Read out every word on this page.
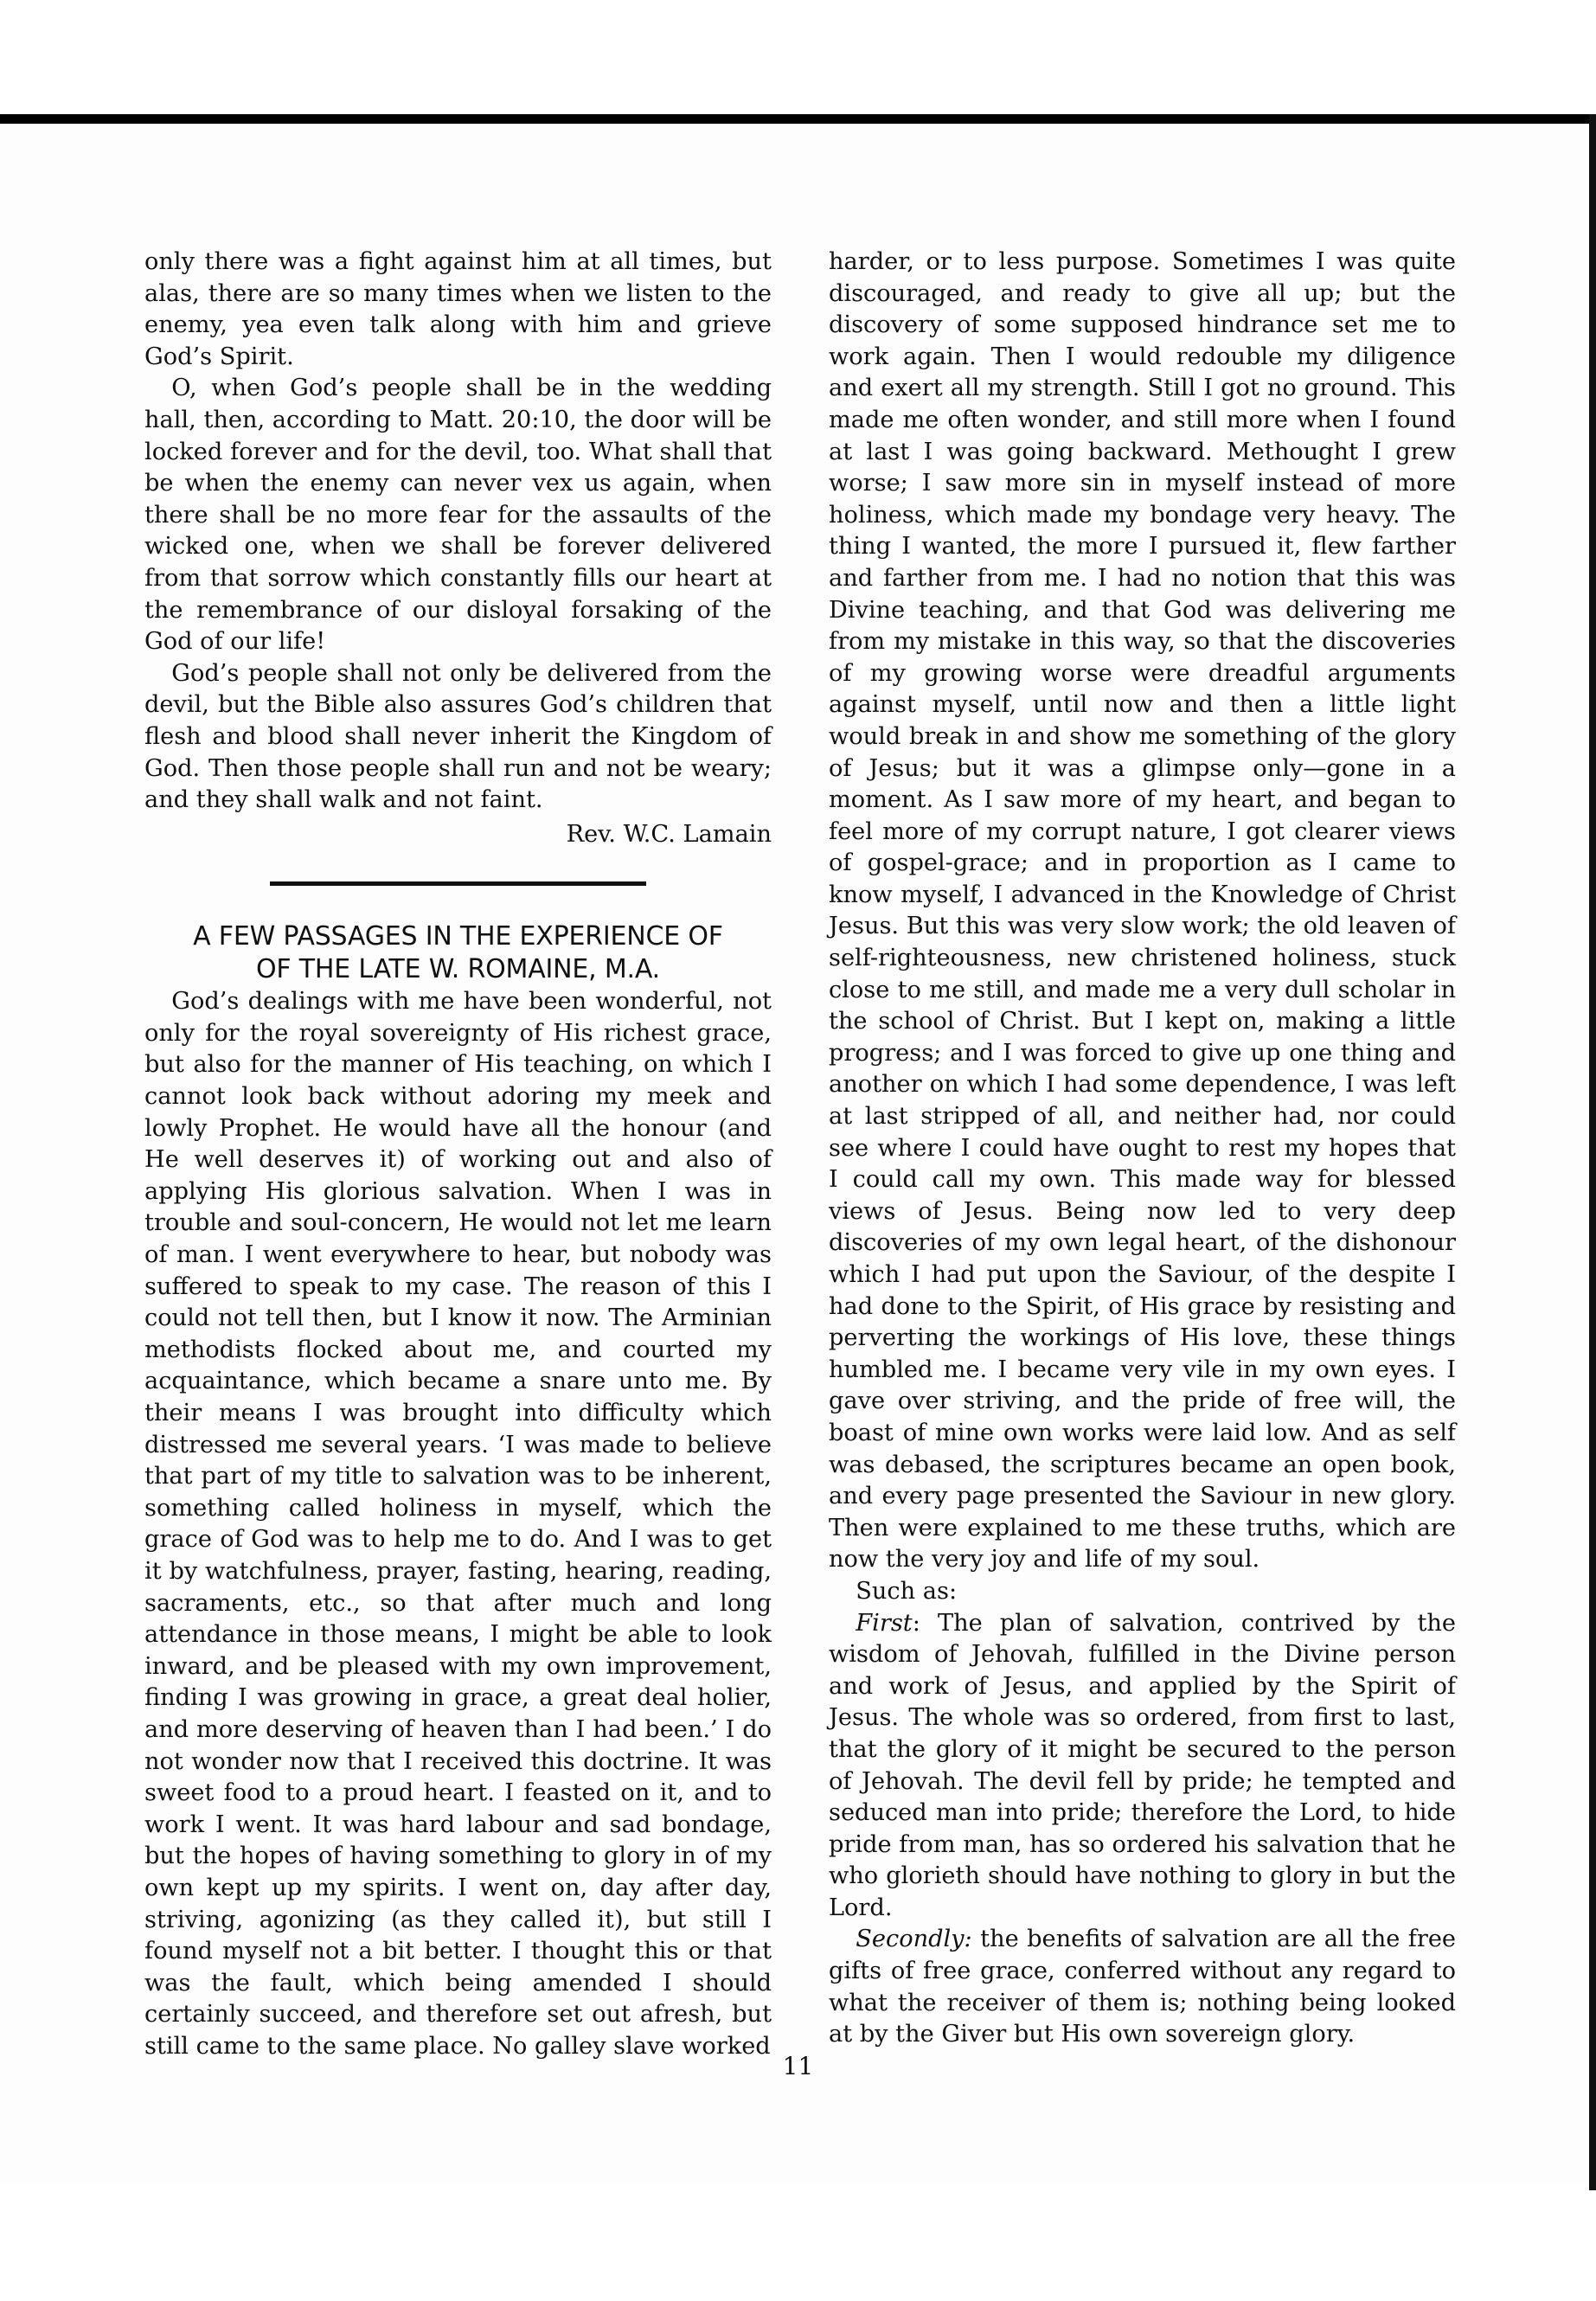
only there was a fight against him at all times, but alas, there are so many times when we listen to the enemy, yea even talk along with him and grieve God’s Spirit.

O, when God’s people shall be in the wedding hall, then, according to Matt. 20:10, the door will be locked forever and for the devil, too. What shall that be when the enemy can never vex us again, when there shall be no more fear for the assaults of the wicked one, when we shall be forever delivered from that sorrow which constantly fills our heart at the remembrance of our disloyal forsaking of the God of our life!

God’s people shall not only be delivered from the devil, but the Bible also assures God’s children that flesh and blood shall never inherit the Kingdom of God. Then those people shall run and not be weary; and they shall walk and not faint.

Rev. W.C. Lamain

A FEW PASSAGES IN THE EXPERIENCE OF
OF THE LATE W. ROMAINE, M.A.

God’s dealings with me have been wonderful, not only for the royal sovereignty of His richest grace, but also for the manner of His teaching, on which I cannot look back without adoring my meek and lowly Prophet. He would have all the honour (and He well deserves it) of working out and also of applying His glorious salvation. When I was in trouble and soul-concern, He would not let me learn of man. I went everywhere to hear, but nobody was suffered to speak to my case. The reason of this I could not tell then, but I know it now. The Arminian methodists flocked about me, and courted my acquaintance, which became a snare unto me. By their means I was brought into difficulty which distressed me several years. ‘I was made to believe that part of my title to salvation was to be inherent, something called holiness in myself, which the grace of God was to help me to do. And I was to get it by watchfulness, prayer, fasting, hearing, reading, sacraments, etc., so that after much and long attendance in those means, I might be able to look inward, and be pleased with my own improvement, finding I was growing in grace, a great deal holier, and more deserving of heaven than I had been.’ I do not wonder now that I received this doctrine. It was sweet food to a proud heart. I feasted on it, and to work I went. It was hard labour and sad bondage, but the hopes of having something to glory in of my own kept up my spirits. I went on, day after day, striving, agonizing (as they called it), but still I found myself not a bit better. I thought this or that was the fault, which being amended I should certainly succeed, and therefore set out afresh, but still came to the same place. No galley slave worked

harder, or to less purpose. Sometimes I was quite discouraged, and ready to give all up; but the discovery of some supposed hindrance set me to work again. Then I would redouble my diligence and exert all my strength. Still I got no ground. This made me often wonder, and still more when I found at last I was going backward. Methought I grew worse; I saw more sin in myself instead of more holiness, which made my bondage very heavy. The thing I wanted, the more I pursued it, flew farther and farther from me. I had no notion that this was Divine teaching, and that God was delivering me from my mistake in this way, so that the discoveries of my growing worse were dreadful arguments against myself, until now and then a little light would break in and show me something of the glory of Jesus; but it was a glimpse only—gone in a moment. As I saw more of my heart, and began to feel more of my corrupt nature, I got clearer views of gospel-grace; and in proportion as I came to know myself, I advanced in the Knowledge of Christ Jesus. But this was very slow work; the old leaven of self-righteousness, new christened holiness, stuck close to me still, and made me a very dull scholar in the school of Christ. But I kept on, making a little progress; and I was forced to give up one thing and another on which I had some dependence, I was left at last stripped of all, and neither had, nor could see where I could have ought to rest my hopes that I could call my own. This made way for blessed views of Jesus. Being now led to very deep discoveries of my own legal heart, of the dishonour which I had put upon the Saviour, of the despite I had done to the Spirit, of His grace by resisting and perverting the workings of His love, these things humbled me. I became very vile in my own eyes. I gave over striving, and the pride of free will, the boast of mine own works were laid low. And as self was debased, the scriptures became an open book, and every page presented the Saviour in new glory. Then were explained to me these truths, which are now the very joy and life of my soul.

Such as:

First: The plan of salvation, contrived by the wisdom of Jehovah, fulfilled in the Divine person and work of Jesus, and applied by the Spirit of Jesus. The whole was so ordered, from first to last, that the glory of it might be secured to the person of Jehovah. The devil fell by pride; he tempted and seduced man into pride; therefore the Lord, to hide pride from man, has so ordered his salvation that he who glorieth should have nothing to glory in but the Lord.

Secondly: the benefits of salvation are all the free gifts of free grace, conferred without any regard to what the receiver of them is; nothing being looked at by the Giver but His own sovereign glory.

11
